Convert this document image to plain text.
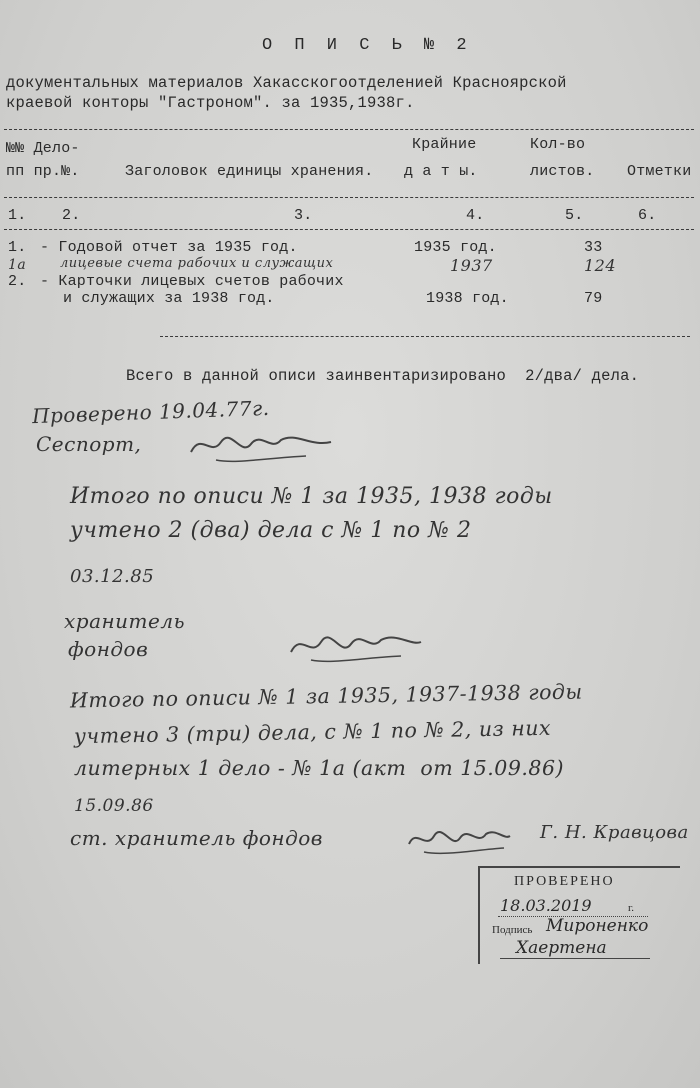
О П И С Ь № 2
документальных материалов Хакасскогоотделенией Красноярской
краевой конторы "Гастроном". за 1935,1938г.
№№ Дело-	Крайние	Кол-во
пп пр.№.	Заголовок единицы хранения. д а т ы.	листов. Отметки
1. 2.	3.	4.	5.	6.
1. - Годовой отчет за 1935 год.	1935 год.	33
1а	лицевые счета рабочих и служащих	1937	124
2. - Карточки лицевых счетов рабочих
и служащих за 1938 год.	1938 год.	79
Всего в данной описи заинвентаризировано  2/два/ дела.
Проверено 19.04.77г.
Сеспорт,
Итого по описи № 1 за 1935, 1938 годы
учтено 2 (два) дела с № 1 по № 2
03.12.85
хранитель
фондов
Итого по описи № 1 за 1935, 1937-1938 годы
учтено 3 (три) дела, с № 1 по № 2, из них
литерных 1 дело - № 1а (акт  от 15.09.86)
15.09.86
ст. хранитель фондов	Г. Н. Кравцова
ПРОВЕРЕНО
18.03.2019	г.
Подпись Мироненко
Хаертена
